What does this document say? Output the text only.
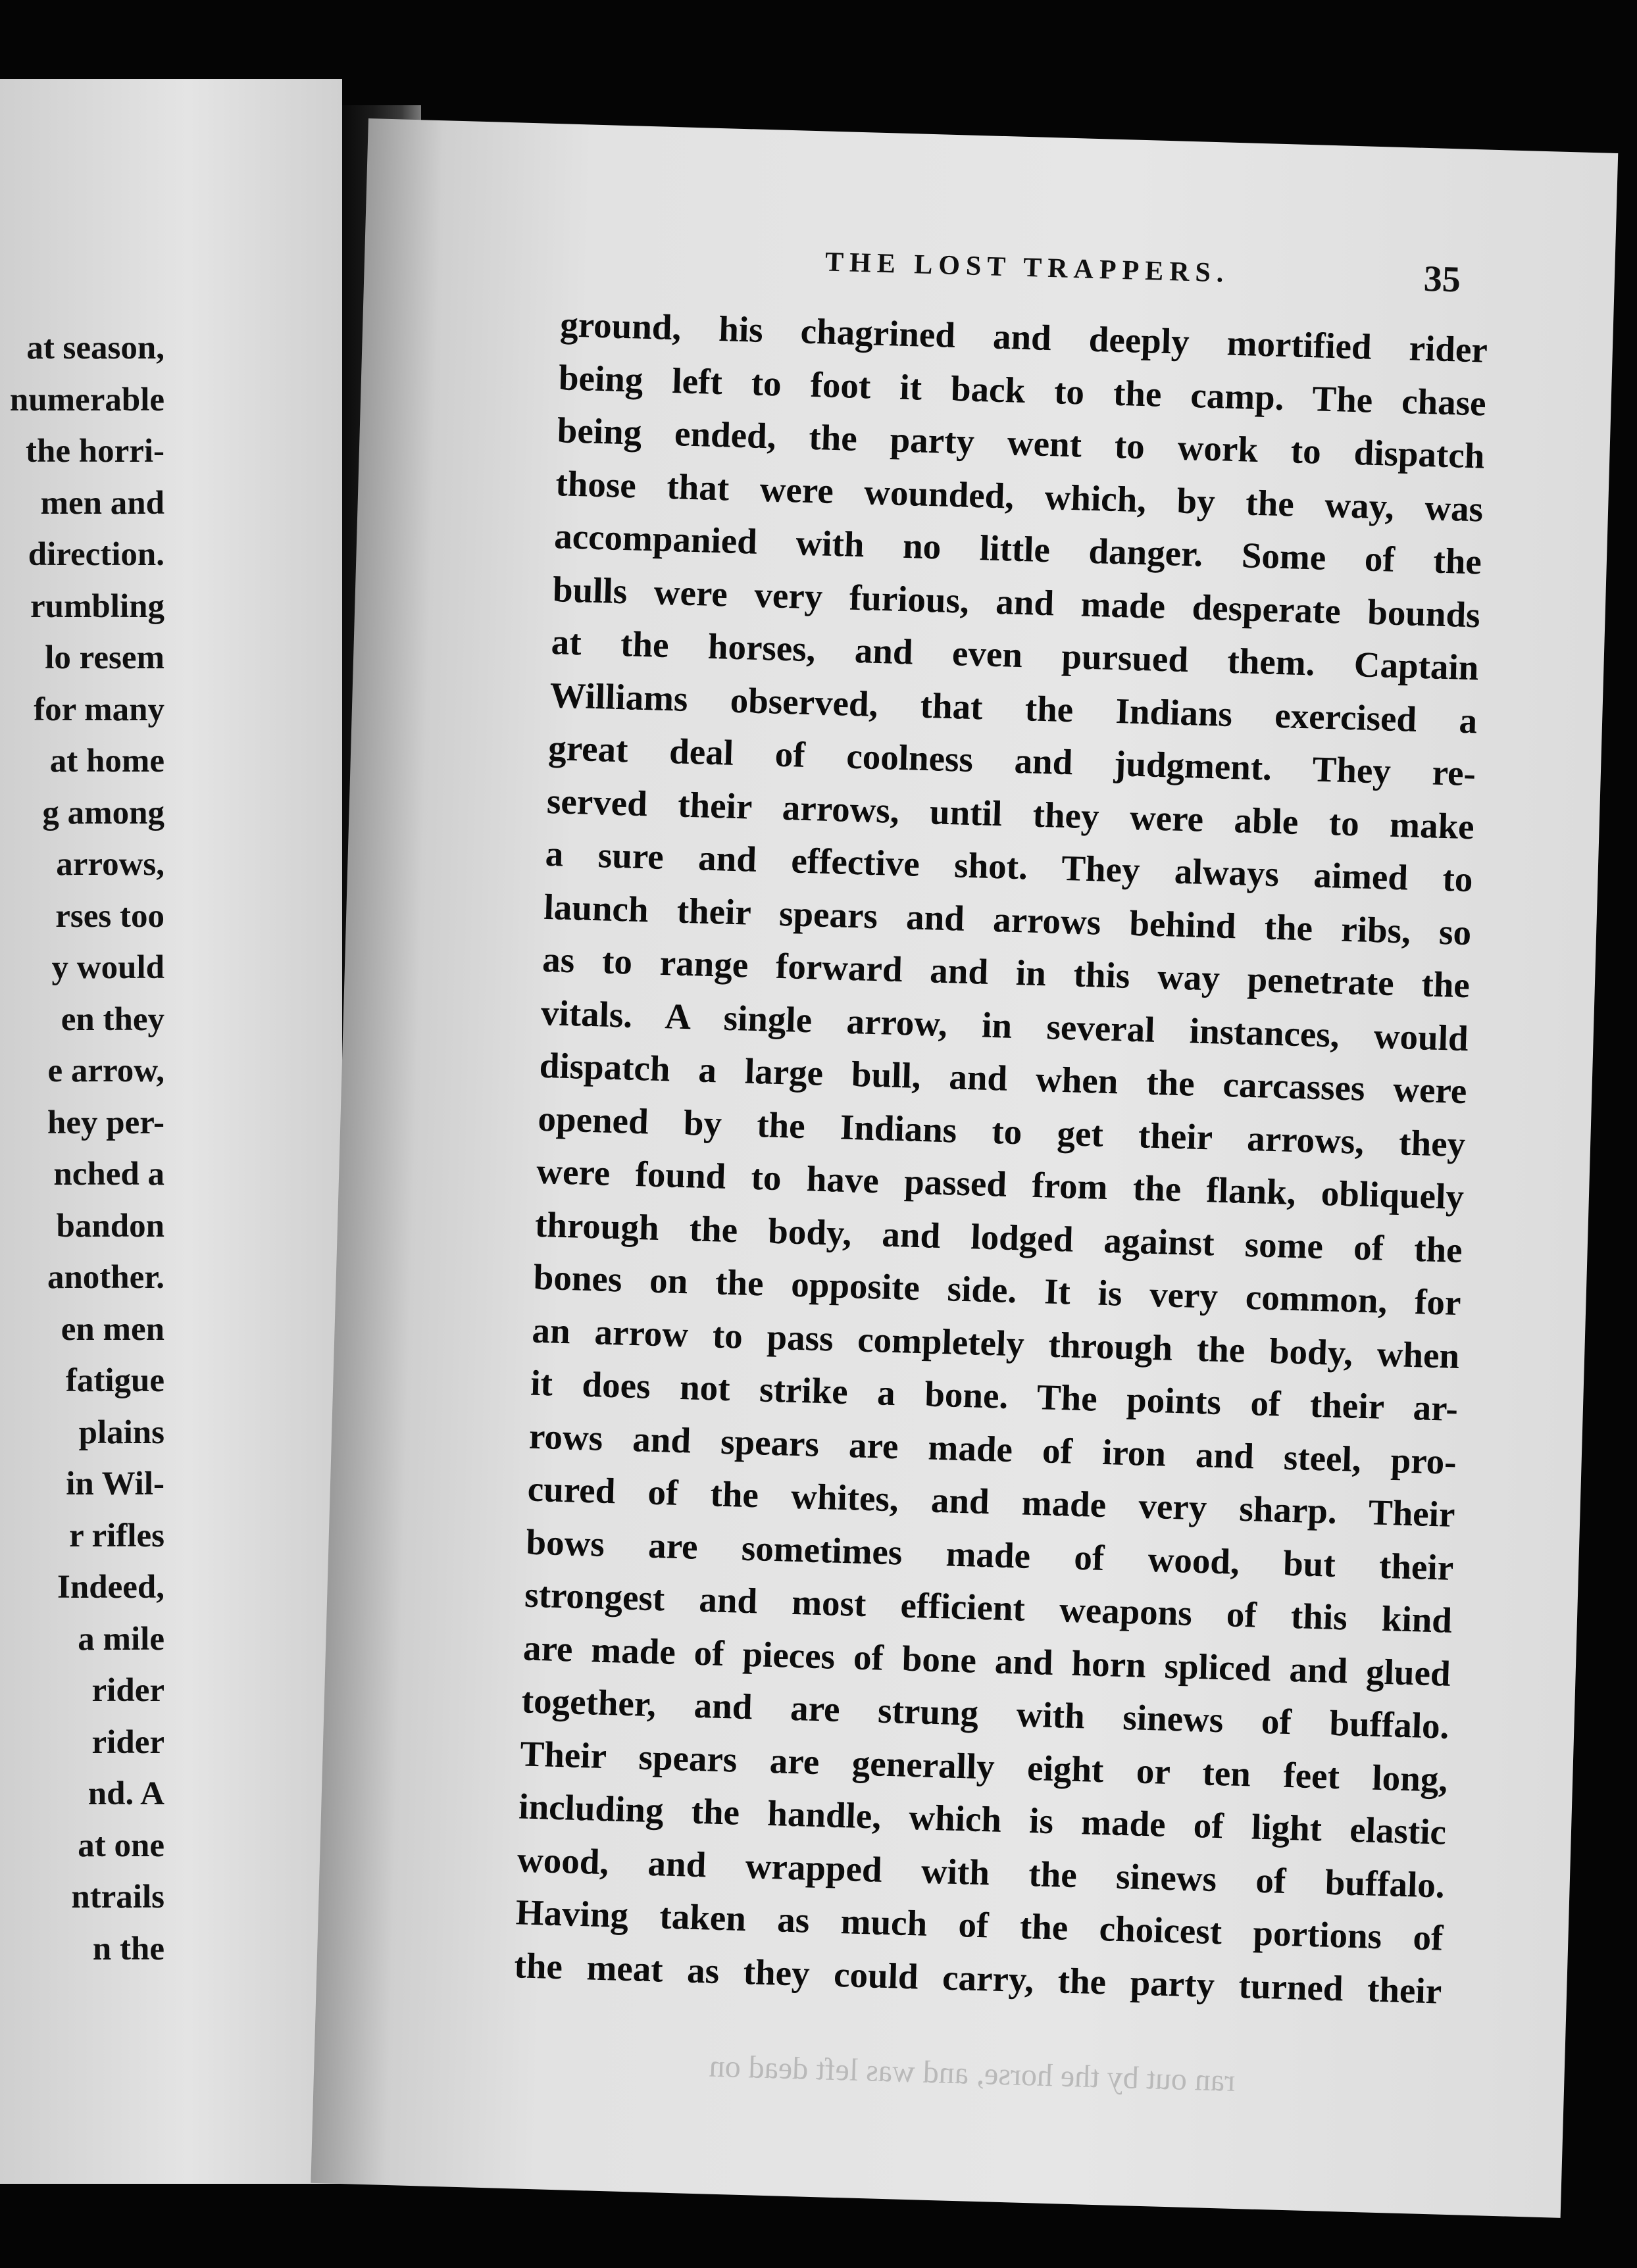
at season,
numerable
the horri-
men and
direction.
rumbling
lo resem
for many
at home
g among
arrows,
rses too
y would
en they
e arrow,
hey per-
nched a
bandon
another.
en men
fatigue
plains
in Wil-
r rifles
Indeed,
a mile
rider
rider
nd. A
at one
ntrails
n the
THE LOST TRAPPERS.	35
ground, his chagrined and deeply mortified rider
being left to foot it back to the camp. The chase
being ended, the party went to work to dispatch
those that were wounded, which, by the way, was
accompanied with no little danger. Some of the
bulls were very furious, and made desperate bounds
at the horses, and even pursued them. Captain
Williams observed, that the Indians exercised a
great deal of coolness and judgment. They re-
served their arrows, until they were able to make
a sure and effective shot. They always aimed to
launch their spears and arrows behind the ribs, so
as to range forward and in this way penetrate the
vitals. A single arrow, in several instances, would
dispatch a large bull, and when the carcasses were
opened by the Indians to get their arrows, they
were found to have passed from the flank, obliquely
through the body, and lodged against some of the
bones on the opposite side. It is very common, for
an arrow to pass completely through the body, when
it does not strike a bone. The points of their ar-
rows and spears are made of iron and steel, pro-
cured of the whites, and made very sharp. Their
bows are sometimes made of wood, but their
strongest and most efficient weapons of this kind
are made of pieces of bone and horn spliced and glued
together, and are strung with sinews of buffalo.
Their spears are generally eight or ten feet long,
including the handle, which is made of light elastic
wood, and wrapped with the sinews of buffalo.
Having taken as much of the choicest portions of
the meat as they could carry, the party turned their
ran out by the horse, and was left dead on
